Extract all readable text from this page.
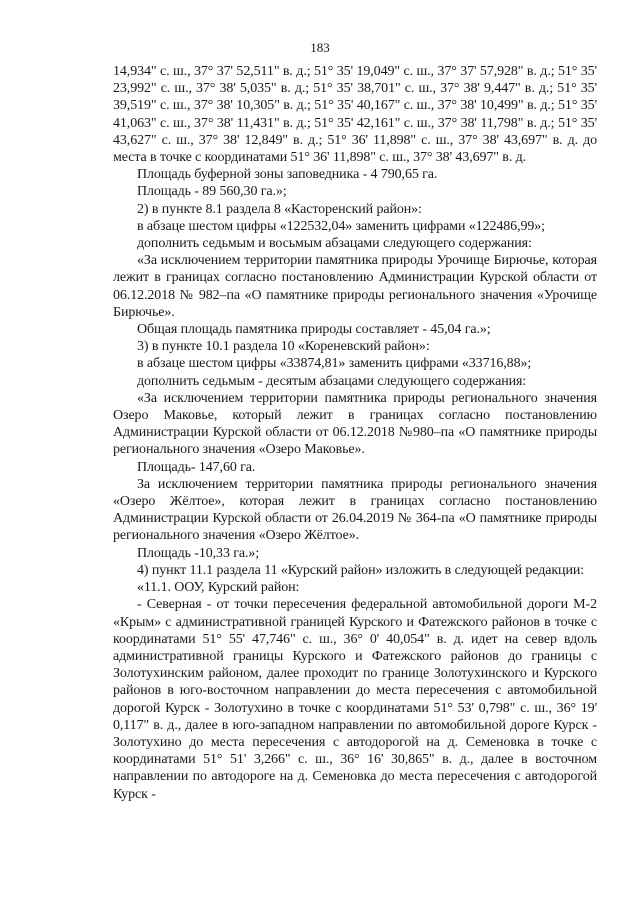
183

14,934" с. ш., 37° 37' 52,511" в. д.; 51° 35' 19,049" с. ш., 37° 37' 57,928" в. д.; 51° 35' 23,992" с. ш., 37° 38' 5,035" в. д.; 51° 35' 38,701" с. ш., 37° 38' 9,447" в. д.; 51° 35' 39,519" с. ш., 37° 38' 10,305" в. д.; 51° 35' 40,167" с. ш., 37° 38' 10,499" в. д.; 51° 35' 41,063" с. ш., 37° 38' 11,431" в. д.; 51° 35' 42,161" с. ш., 37° 38' 11,798" в. д.; 51° 35' 43,627" с. ш., 37° 38' 12,849" в. д.; 51° 36' 11,898" с. ш., 37° 38' 43,697" в. д. до места в точке с координатами 51° 36' 11,898" с. ш., 37° 38' 43,697" в. д.

Площадь буферной зоны заповедника - 4 790,65 га.

Площадь - 89 560,30 га.»;

2) в пункте 8.1 раздела 8 «Касторенский район»:

в абзаце шестом цифры «122532,04» заменить цифрами «122486,99»;

дополнить седьмым и восьмым абзацами следующего содержания:

«За исключением территории памятника природы Урочище Бирючье, которая лежит в границах согласно постановлению Администрации Курской области от 06.12.2018 № 982–па «О памятнике природы регионального значения «Урочище Бирючье».

Общая площадь памятника природы составляет - 45,04 га.»;

3) в пункте 10.1 раздела 10 «Кореневский район»:

в абзаце шестом цифры «33874,81» заменить цифрами «33716,88»;

дополнить седьмым - десятым абзацами следующего содержания:

«За исключением территории памятника природы регионального значения Озеро Маковье, который лежит в границах согласно постановлению Администрации Курской области от 06.12.2018 №980–па «О памятнике природы регионального значения «Озеро Маковье».

Площадь- 147,60 га.

За исключением территории памятника природы регионального значения «Озеро Жёлтое», которая лежит в границах согласно постановлению Администрации Курской области от 26.04.2019 № 364-па «О памятнике природы регионального значения «Озеро Жёлтое».

Площадь -10,33 га.»;

4) пункт 11.1 раздела 11 «Курский район» изложить в следующей редакции:

«11.1. ООУ, Курский район:

- Северная - от точки пересечения федеральной автомобильной дороги М-2 «Крым» с административной границей Курского и Фатежского районов в точке с координатами 51° 55' 47,746" с. ш., 36° 0' 40,054" в. д. идет на север вдоль административной границы Курского и Фатежского районов до границы с Золотухинским районом, далее проходит по границе Золотухинского и Курского районов в юго-восточном направлении до места пересечения с автомобильной дорогой Курск - Золотухино в точке с координатами 51° 53' 0,798" с. ш., 36° 19' 0,117" в. д., далее в юго-западном направлении по автомобильной дороге Курск - Золотухино до места пересечения с автодорогой на д. Семеновка в точке с координатами 51° 51' 3,266" с. ш., 36° 16' 30,865" в. д., далее в восточном направлении по автодороге на д. Семеновка до места пересечения с автодорогой Курск -
